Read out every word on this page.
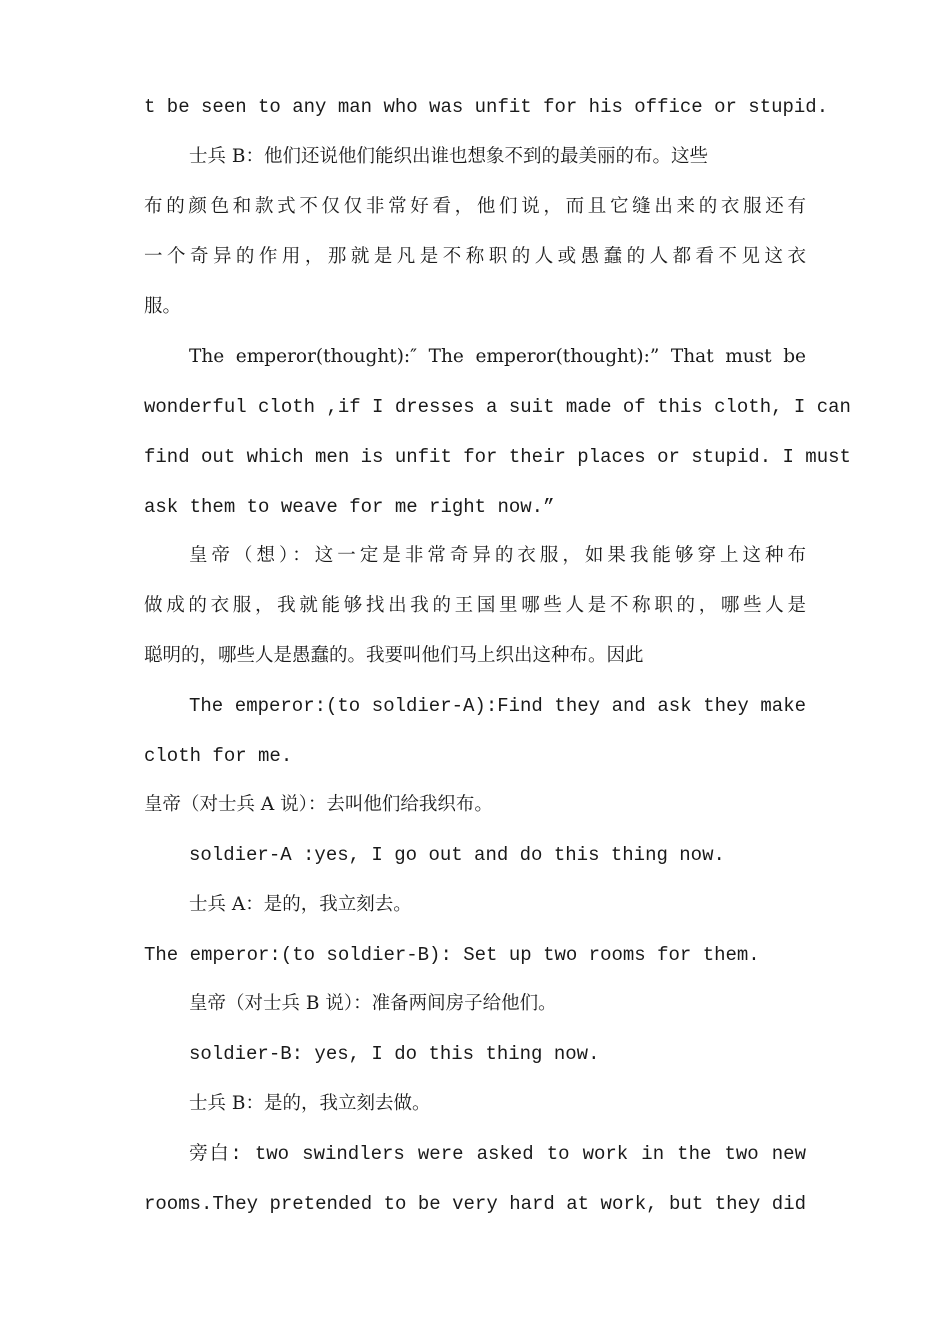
t be seen to any man who was unfit for his office or stupid.
士兵 B：他们还说他们能织出谁也想象不到的最美丽的布。这些
布的颜色和款式不仅仅非常好看，他们说，而且它缝出来的衣服还有
一个奇异的作用，那就是凡是不称职的人或愚蠢的人都看不见这衣
服。
The emperor(thought):″ The emperor(thought):” That must be
wonderful cloth ,if I dresses a suit made of this cloth, I can
find out which men is unfit for their places or stupid. I must
ask them to weave for me right now.”
皇帝（想）：这一定是非常奇异的衣服，如果我能够穿上这种布
做成的衣服，我就能够找出我的王国里哪些人是不称职的，哪些人是
聪明的，哪些人是愚蠢的。我要叫他们马上织出这种布。因此
The emperor:(to soldier-A):Find they and ask they make
cloth for me.
皇帝（对士兵 A 说）：去叫他们给我织布。
soldier-A :yes, I go out and do this thing now.
士兵 A：是的，我立刻去。
The emperor:(to soldier-B): Set up two rooms for them.
皇帝（对士兵 B 说）：准备两间房子给他们。
soldier-B: yes, I do this thing now.
士兵 B：是的，我立刻去做。
旁白: two swindlers were asked to work in the two new
rooms.They pretended to be very hard at work, but they did
